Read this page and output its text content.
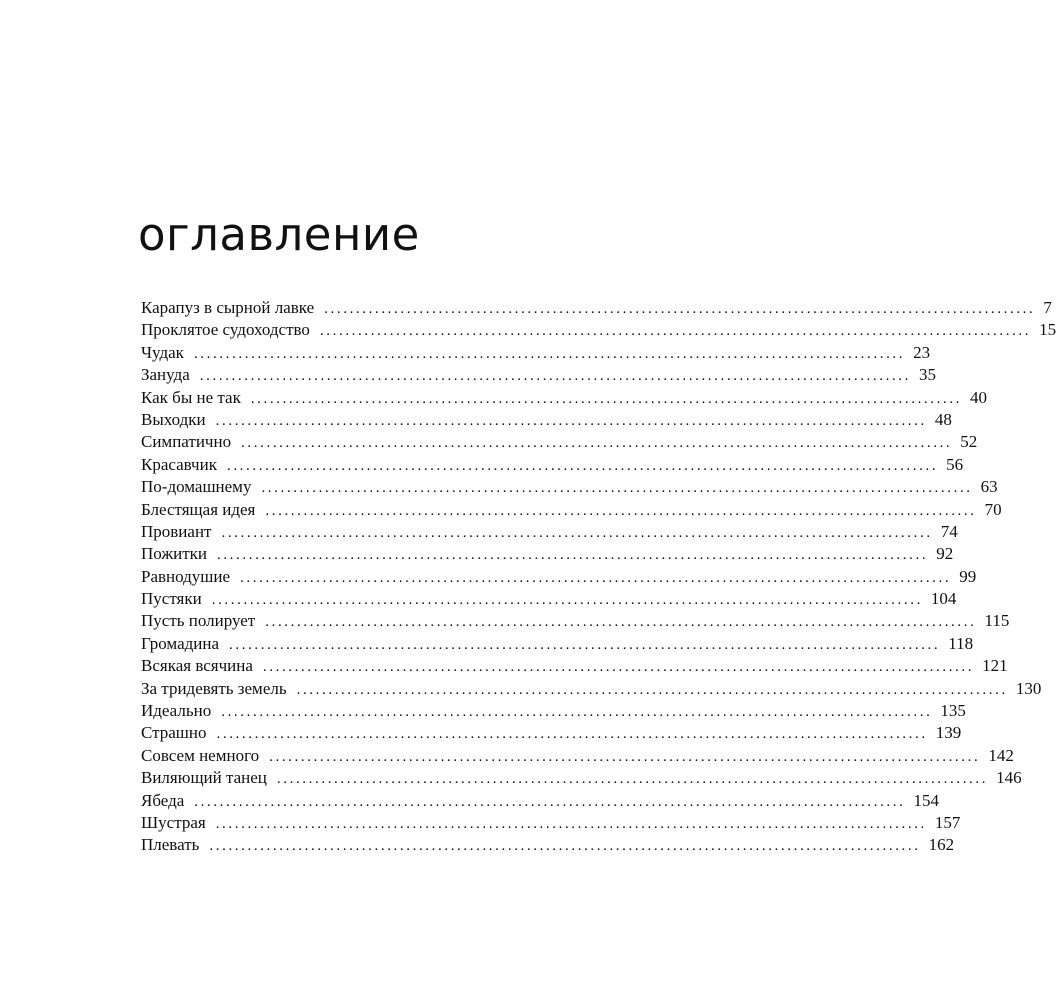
оглавление
Карапуз в сырной лавке ................................................................................................................ 7
Проклятое судоходство ................................................................................................................ 15
Чудак ................................................................................................................ 23
Зануда ................................................................................................................ 35
Как бы не так ................................................................................................................ 40
Выходки ................................................................................................................ 48
Симпатично ................................................................................................................ 52
Красавчик ................................................................................................................ 56
По-домашнему ................................................................................................................ 63
Блестящая идея ................................................................................................................ 70
Провиант ................................................................................................................ 74
Пожитки ................................................................................................................ 92
Равнодушие ................................................................................................................ 99
Пустяки ................................................................................................................ 104
Пусть полирует ................................................................................................................ 115
Громадина ................................................................................................................ 118
Всякая всячина ................................................................................................................ 121
За тридевять земель ................................................................................................................ 130
Идеально ................................................................................................................ 135
Страшно ................................................................................................................ 139
Совсем немного ................................................................................................................ 142
Виляющий танец ................................................................................................................ 146
Ябеда ................................................................................................................ 154
Шустрая ................................................................................................................ 157
Плевать ................................................................................................................ 162
